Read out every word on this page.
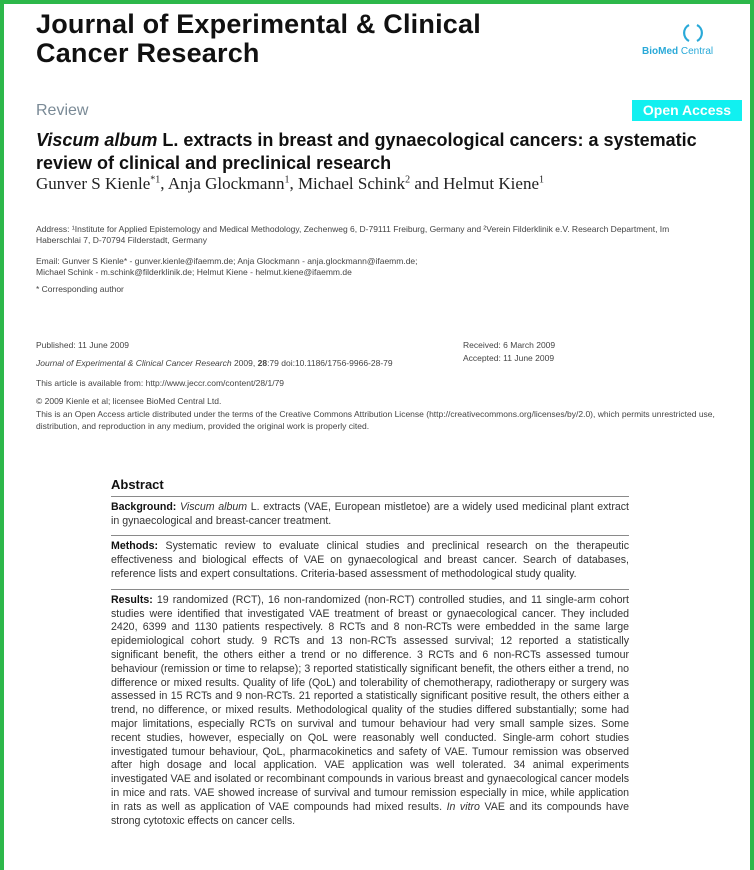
Journal of Experimental & Clinical
Cancer Research	BioMed Central
Review	Open Access
Viscum album L. extracts in breast and gynaecological cancers: a systematic review of clinical and preclinical research
Gunver S Kienle$^{*1}$, Anja Glockmann$^1$, Michael Schink$^2$ and Helmut Kiene$^1$
Address: ¹Institute for Applied Epistemology and Medical Methodology, Zechenweg 6, D-79111 Freiburg, Germany and ²Verein Filderklinik e.V. Research Department, Im Haberschlai 7, D-70794 Filderstadt, Germany
Email: Gunver S Kienle* - gunver.kienle@ifaemm.de; Anja Glockmann - anja.glockmann@ifaemm.de;
Michael Schink - m.schink@filderklinik.de; Helmut Kiene - helmut.kiene@ifaemm.de
* Corresponding author
Published: 11 June 2009
Journal of Experimental & Clinical Cancer Research 2009, 28:79 doi:10.1186/1756-9966-28-79
Received: 6 March 2009
Accepted: 11 June 2009
This article is available from: http://www.jeccr.com/content/28/1/79
© 2009 Kienle et al; licensee BioMed Central Ltd.
This is an Open Access article distributed under the terms of the Creative Commons Attribution License (http://creativecommons.org/licenses/by/2.0), which permits unrestricted use, distribution, and reproduction in any medium, provided the original work is properly cited.
Abstract

Background: Viscum album L. extracts (VAE, European mistletoe) are a widely used medicinal plant extract in gynaecological and breast-cancer treatment.

Methods: Systematic review to evaluate clinical studies and preclinical research on the therapeutic effectiveness and biological effects of VAE on gynaecological and breast cancer. Search of databases, reference lists and expert consultations. Criteria-based assessment of methodological study quality.

Results: 19 randomized (RCT), 16 non-randomized (non-RCT) controlled studies, and 11 single-arm cohort studies were identified that investigated VAE treatment of breast or gynaecological cancer. They included 2420, 6399 and 1130 patients respectively. 8 RCTs and 8 non-RCTs were embedded in the same large epidemiological cohort study. 9 RCTs and 13 non-RCTs assessed survival; 12 reported a statistically significant benefit, the others either a trend or no difference. 3 RCTs and 6 non-RCTs assessed tumour behaviour (remission or time to relapse); 3 reported statistically significant benefit, the others either a trend, no difference or mixed results. Quality of life (QoL) and tolerability of chemotherapy, radiotherapy or surgery was assessed in 15 RCTs and 9 non-RCTs. 21 reported a statistically significant positive result, the others either a trend, no difference, or mixed results. Methodological quality of the studies differed substantially; some had major limitations, especially RCTs on survival and tumour behaviour had very small sample sizes. Some recent studies, however, especially on QoL were reasonably well conducted. Single-arm cohort studies investigated tumour behaviour, QoL, pharmacokinetics and safety of VAE. Tumour remission was observed after high dosage and local application. VAE application was well tolerated. 34 animal experiments investigated VAE and isolated or recombinant compounds in various breast and gynaecological cancer models in mice and rats. VAE showed increase of survival and tumour remission especially in mice, while application in rats as well as application of VAE compounds had mixed results. In vitro VAE and its compounds have strong cytotoxic effects on cancer cells.
